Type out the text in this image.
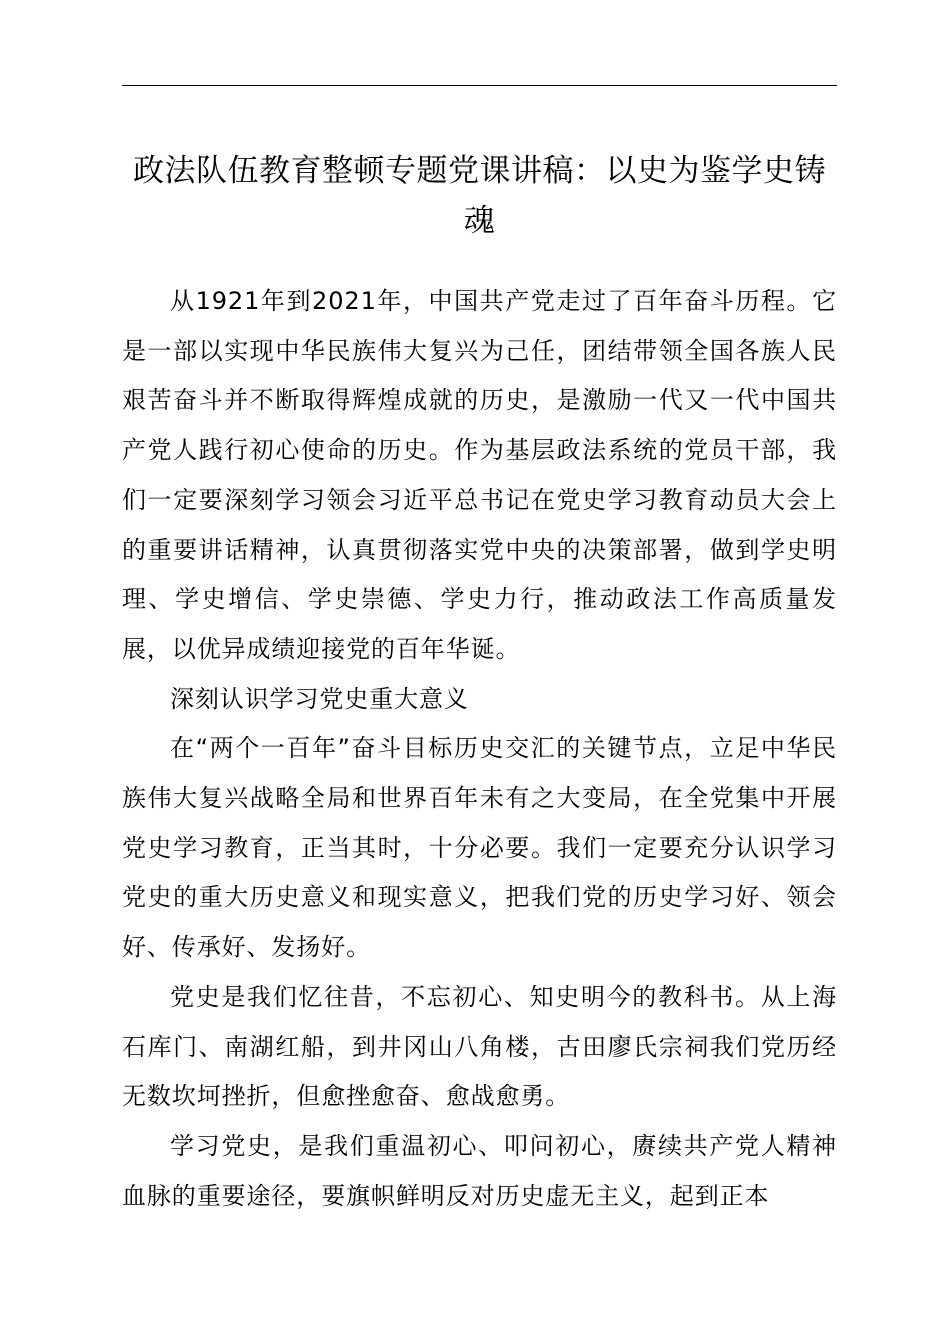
政法队伍教育整顿专题党课讲稿：以史为鉴学史铸魂

从1921年到2021年，中国共产党走过了百年奋斗历程。它是一部以实现中华民族伟大复兴为己任，团结带领全国各族人民艰苦奋斗并不断取得辉煌成就的历史，是激励一代又一代中国共产党人践行初心使命的历史。作为基层政法系统的党员干部，我们一定要深刻学习领会习近平总书记在党史学习教育动员大会上的重要讲话精神，认真贯彻落实党中央的决策部署，做到学史明理、学史增信、学史崇德、学史力行，推动政法工作高质量发展，以优异成绩迎接党的百年华诞。

深刻认识学习党史重大意义

在“两个一百年”奋斗目标历史交汇的关键节点，立足中华民族伟大复兴战略全局和世界百年未有之大变局，在全党集中开展党史学习教育，正当其时，十分必要。我们一定要充分认识学习党史的重大历史意义和现实意义，把我们党的历史学习好、领会好、传承好、发扬好。

党史是我们忆往昔，不忘初心、知史明今的教科书。从上海石库门、南湖红船，到井冈山八角楼，古田廖氏宗祠我们党历经无数坎坷挫折，但愈挫愈奋、愈战愈勇。

学习党史，是我们重温初心、叩问初心，赓续共产党人精神血脉的重要途径，要旗帜鲜明反对历史虚无主义，起到正本
